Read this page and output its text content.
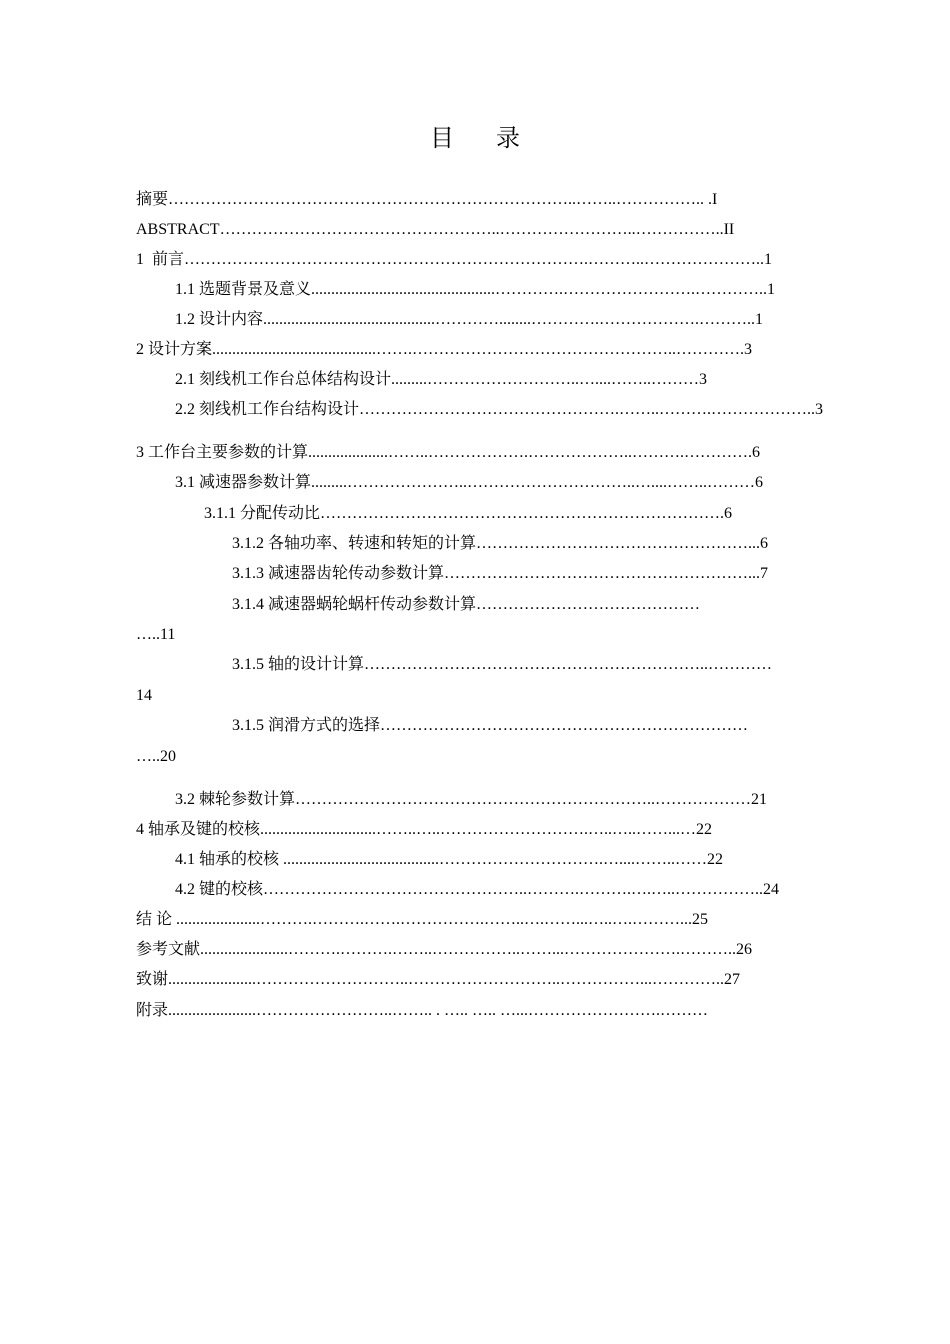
目 录
摘要…………………………………………………………………..……..…………….. .I
ABSTRACT……………………………………………..……………………..……………..II
1  前言………………………………………………………………….………..…………………..1
1.1 选题背景及意义..............................................………….…………………….…………..1
1.2 设计内容...........................................…………........………….……………….………..1
2 设计方案.........................................…….…………………………………………..………….3
2.1 刻线机工作台总体结构设计.........………………………..…....……..………3
2.2 刻线机工作台结构设计………………………………………….……..……….………………..3
3 工作台主要参数的计算....................……..……………….………………..……….………….6
3.1 减速器参数计算.........…………………..…………………………..…....……..………6
3.1.1 分配传动比………………………………………………………………….6
3.1.2 各轴功率、转速和转矩的计算……………………………………………...6
3.1.3 减速器齿轮传动参数计算…………………………………………………...7
3.1.4 减速器蜗轮蜗杆传动参数计算……………………………………
…..11
3.1.5 轴的设计计算………………………………………………………..…………
14
3.1.5 润滑方式的选择……………………………………………………………
…..20
3.2 棘轮参数计算…………………………………………………………..………………21
4 轴承及键的校核.............................……..…..……………………….…..…..……...…22
4.1 轴承的校核 .......................................………………………….…....……..……22
4.2 键的校核…………………………………………..……….……….….…..……………..24
结 论 .....................……….……….…….…………….……..….……...…..….………...25
参考文献......................……….……….……..……………..……...………………….………..26
致谢......................………………………..………………………..……………...…………..27
附录......................……………………..…….. . ….. ….. …...…………………….………
